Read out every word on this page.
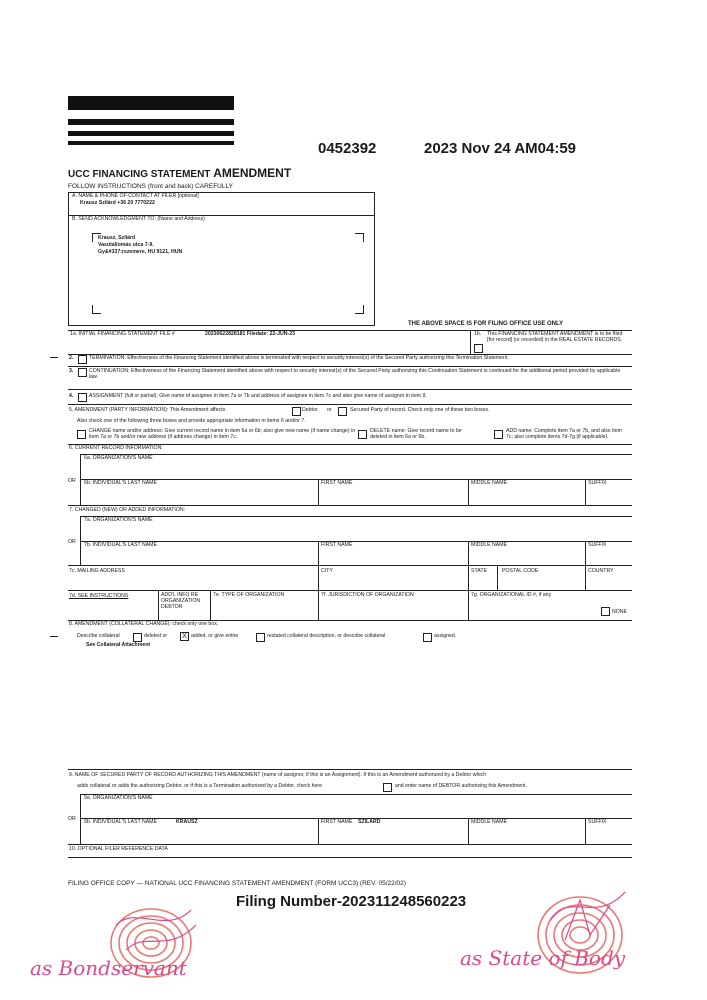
0452392	2023 Nov 24 AM04:59
UCC FINANCING STATEMENT AMENDMENT
FOLLOW INSTRUCTIONS (front and back) CAREFULLY
A. NAME & PHONE OF CONTACT AT FILER [optional]
Krausz Szilárd +36 20 7770222
B. SEND ACKNOWLEDGMENT TO: (Name and Address)
Krausz, Szilárd
Vasútállomás utca 7-9.
Gy&#337;rszemere, HU 9121, HUN
THE ABOVE SPACE IS FOR FILING OFFICE USE ONLY
1a. INITIAL FINANCING STATEMENT FILE #	20230622828181 Filedate: 22-JUN-23	1b. This FINANCING STATEMENT AMENDMENT is to be filed [for record] (or recorded) in the REAL ESTATE RECORDS.
2.	TERMINATION: Effectiveness of the Financing Statement identified above is terminated with respect to security interest(s) of the Secured Party authorizing this Termination Statement.
3.	CONTINUATION: Effectiveness of the Financing Statement identified above with respect to security interest(s) of the Secured Party authorizing this Continuation Statement is continued for the additional period provided by applicable law.
4.	ASSIGNMENT (full or partial): Give name of assignee in item 7a or 7b and address of assignee in item 7c and also give name of assignor in item 9.
5. AMENDMENT (PARTY INFORMATION): This Amendment affects	Debtor or	Secured Party of record. Check only one of these two boxes.
Also check one of the following three boxes and provide appropriate information in items 6 and/or 7.
CHANGE name and/or address: Give current record name in item 6a or 6b; also give new name (if name change) in item 7a or 7b and/or new address (if address change) in item 7c.
DELETE name: Give record name to be deleted in item 6a or 6b.
ADD name: Complete item 7a or 7b, and also item 7c; also complete items 7d-7g (if applicable).
6. CURRENT RECORD INFORMATION:
6a. ORGANIZATION'S NAME
OR 6b. INDIVIDUAL'S LAST NAME	FIRST NAME	MIDDLE NAME	SUFFIX
7. CHANGED (NEW) OR ADDED INFORMATION:
7a. ORGANIZATION'S NAME
OR 7b. INDIVIDUAL'S LAST NAME	FIRST NAME	MIDDLE NAME	SUFFIX
7c. MAILING ADDRESS	CITY	STATE	POSTAL CODE	COUNTRY
7d. SEE INSTRUCTIONS	ADD'L INFO RE ORGANIZATION DEBTOR
7e. TYPE OF ORGANIZATION	7f. JURISDICTION OF ORGANIZATION	7g. ORGANIZATIONAL ID #, if any
NONE
8. AMENDMENT (COLLATERAL CHANGE): check only one box.
Describe collateral	deleted or	X added, or give entire	restated collateral description, or describe collateral	assigned.
See Collateral Attachment
9. NAME OF SECURED PARTY OF RECORD AUTHORIZING THIS AMENDMENT (name of assignor, if this is an Assignment). If this is an Amendment authorized by a Debtor which
adds collateral or adds the authorizing Debtor, or if this is a Termination authorized by a Debtor, check here	and enter name of DEBTOR authorizing this Amendment.
9a. ORGANIZATION'S NAME
OR 9b. INDIVIDUAL'S LAST NAME	KRAUSZ	FIRST NAME SZILÁRD	MIDDLE NAME	SUFFIX
10. OPTIONAL FILER REFERENCE DATA
FILING OFFICE COPY — NATIONAL UCC FINANCING STATEMENT AMENDMENT (FORM UCC3) (REV. 05/22/02)
Filing Number-202311248560223
as Bondservant	as State of Body
